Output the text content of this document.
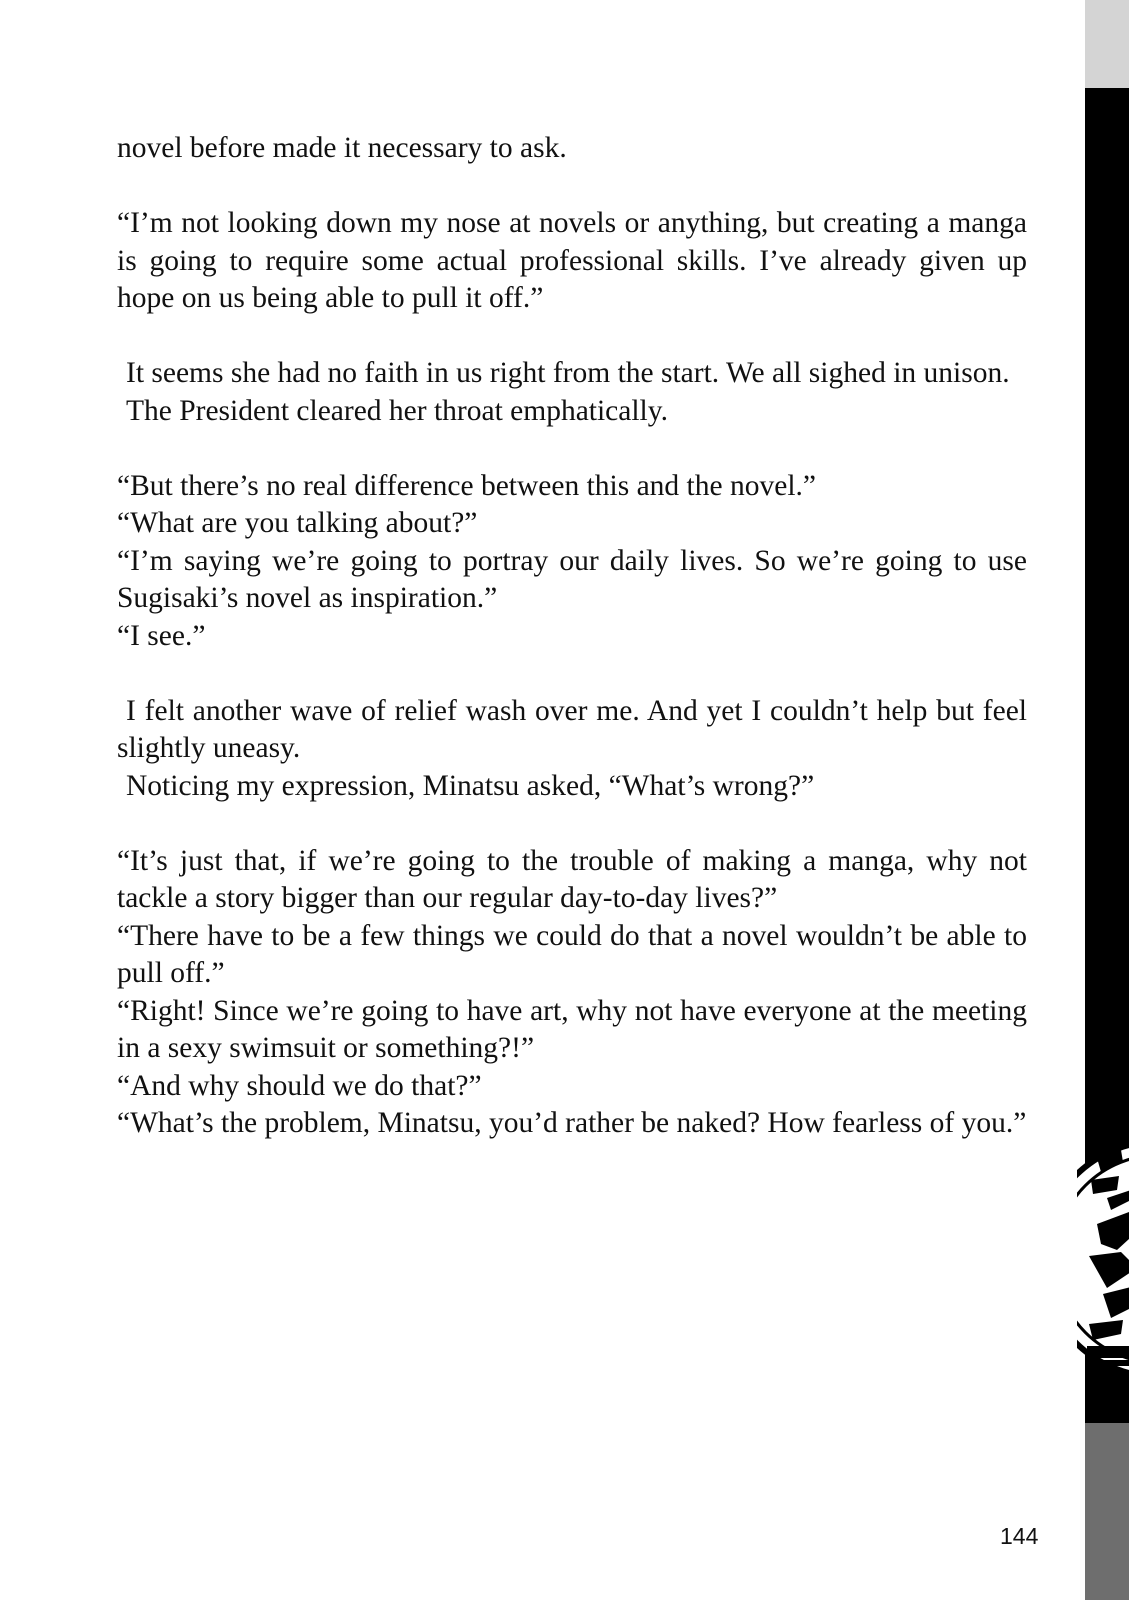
novel before made it necessary to ask.

“I’m not looking down my nose at novels or anything, but creating a manga is going to require some actual professional skills. I’ve already given up hope on us being able to pull it off.”

It seems she had no faith in us right from the start. We all sighed in unison.

The President cleared her throat emphatically.

“But there’s no real difference between this and the novel.”

“What are you talking about?”

“I’m saying we’re going to portray our daily lives. So we’re going to use Sugisaki’s novel as inspiration.”

“I see.”

I felt another wave of relief wash over me. And yet I couldn’t help but feel slightly uneasy.

Noticing my expression, Minatsu asked, “What’s wrong?”

“It’s just that, if we’re going to the trouble of making a manga, why not tackle a story bigger than our regular day-to-day lives?”

“There have to be a few things we could do that a novel wouldn’t be able to pull off.”

“Right! Since we’re going to have art, why not have everyone at the meeting in a sexy swimsuit or something?!”

“And why should we do that?”

“What’s the problem, Minatsu, you’d rather be naked? How fearless of you.”

144
